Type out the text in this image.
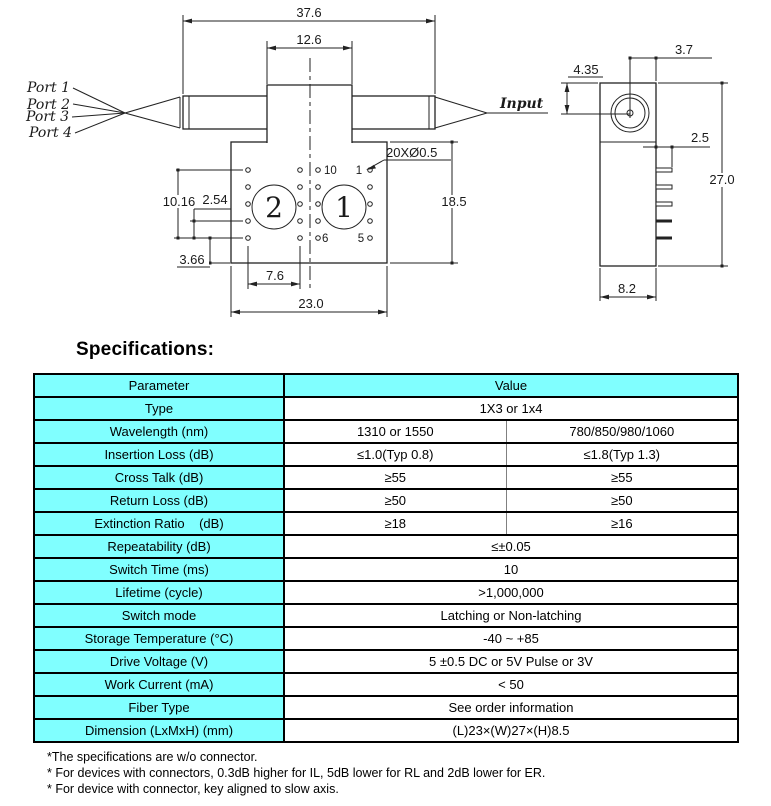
Port 1
Port 2
Port 3
Port 4
Input
2 1
10 1
6	5
20XØ0.5
37.6
12.6
18.5
10.16 2.54
3.66
7.6
23.0
3.7
4.35
2.5
27.0
8.2
Specifications:
Parameter	Value	
Type	1X3 or 1x4	
Wavelength (nm)	1310 or 1550	780/850/980/1060
Insertion Loss (dB)	≤1.0(Typ 0.8)	≤1.8(Typ 1.3)
Cross Talk (dB)	≥55	≥55
Return Loss (dB)	≥50	≥50
Extinction Ratio    (dB)	≥18	≥16
Repeatability (dB)	≤±0.05	
Switch Time (ms)	10	
Lifetime (cycle)	>1,000,000	
Switch mode	Latching or Non-latching	
Storage Temperature (°C)	-40 ~ +85	
Drive Voltage (V)	5 ±0.5 DC or 5V Pulse or 3V	
Work Current (mA)	< 50	
Fiber Type	See order information	
Dimension (LxMxH) (mm)	(L)23×(W)27×(H)8.5	
*The specifications are w/o connector.
* For devices with connectors, 0.3dB higher for IL, 5dB lower for RL and 2dB lower for ER.
* For device with connector, key aligned to slow axis.
